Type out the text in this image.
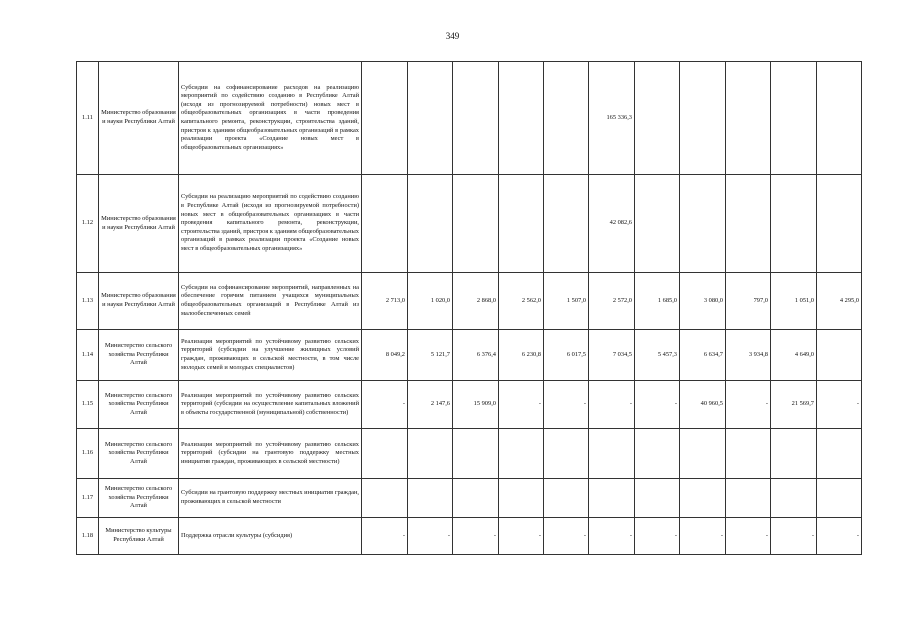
349
1.11	Министерство образования и науки Республики Алтай	Субсидии на софинансирование расходов на реализацию мероприятий по содействию созданию в Республике Алтай (исходя из прогнозируемой потребности) новых мест в общеобразовательных организациях в части проведения капитального ремонта, реконструкции, строительства зданий, пристроя к зданиям общеобразовательных организаций в рамках реализации проекта «Создание новых мест в общеобразовательных организациях»						165 336,3					
1.12	Министерство образования и науки Республики Алтай	Субсидии на реализацию мероприятий по содействию созданию в Республике Алтай (исходя из прогнозируемой потребности) новых мест в общеобразовательных организациях в части проведения капитального ремонта, реконструкции, строительства зданий, пристроя к зданиям общеобразовательных организаций в рамках реализации проекта «Создание новых мест в общеобразовательных организациях»						42 082,6					
1.13	Министерство образования и науки Республики Алтай	Субсидии на софинансирование мероприятий, направленных на обеспечение горячим питанием учащихся муниципальных общеобразовательных организаций в Республике Алтай из малообеспеченных семей	2 713,0	1 020,0	2 868,0	2 562,0	1 507,0	2 572,0	1 685,0	3 080,0	797,0	1 051,0	4 295,0
1.14	Министерство сельского хозяйства Республики Алтай	Реализация мероприятий по устойчивому развитию сельских территорий (субсидии на улучшение жилищных условий граждан, проживающих в сельской местности, в том числе молодых семей и молодых специалистов)	8 049,2	5 121,7	6 376,4	6 230,8	6 017,5	7 034,5	5 457,3	6 634,7	3 934,8	4 649,0	
1.15	Министерство сельского хозяйства Республики Алтай	Реализация мероприятий по устойчивому развитию сельских территорий (субсидии на осуществление капитальных вложений в объекты государственной (муниципальной) собственности)	-	2 147,6	15 909,0	-	-	-	-	40 960,5	-	21 569,7	-
1.16	Министерство сельского хозяйства Республики Алтай	Реализация мероприятий по устойчивому развитию сельских территорий (субсидии на грантовую поддержку местных инициатив граждан, проживающих в сельской местности)											
1.17	Министерство сельского хозяйства Республики Алтай	Субсидии на грантовую поддержку местных инициатив граждан, проживающих в сельской местности											
1.18	Министерство культуры Республики Алтай	Поддержка отрасли культуры (субсидия)	-	-	-	-	-	-	-	-	-	-	-
